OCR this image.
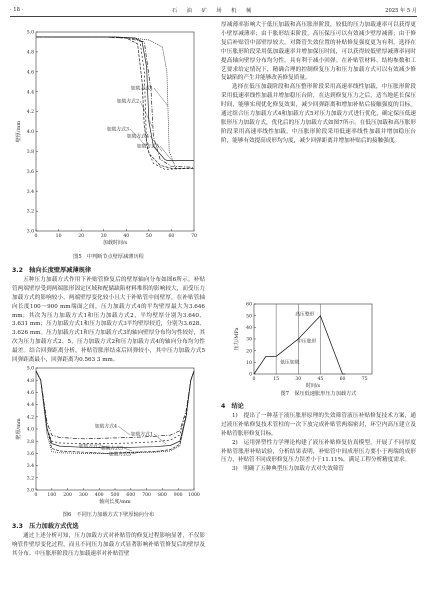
· 18 ·	石 油 矿 场 机 械	2025 年 5 月
0	10	20	30	40	50	60	70
3.0
3.2
3.4
3.6
3.8
4.0
4.2
4.4
4.6
4.8
5.0
加载时间/s
壁厚/mm
加载方式1
加载方式2
加载方式3
加载方式4
加载方式5
图5　中判断节点壁厚减薄历程

3.2　轴向长度壁厚减薄规律

五种压力加载方式作用下补贴管修复后的壁厚轴向分布如图6所示。补贴管两端壁厚受到两端胀形固定区域和配储缺陷材料堆积的影响较大，而受压力加载方式的影响较小，两端壁厚变化较小且大于补贴管中间壁厚，在补贴管轴向长度100～900 mm端面之间，压力加载方式4的平均壁厚最大为3.646 mm；其次为压力加载方式1和压力加载方式2，平均壁厚分别为3.640、3.631 mm；压力加载方式1和压力加载方式3平均壁厚较近，分别为3.628、3.626 mm。压力加载方式1和压力加载方式3的轴向壁厚分布均匀性较好，其次为压力加载方式2、5，压力加载方式2和压力加载方式4的轴向分布均匀性最差。结合回弹距离分析，补贴管胀形结束后回弹较小，其中压力加载方式5回弹距离最小，回弹距离为0.563 3 mm。

0 100 200 300 400 500 600 700 800 900 1000
3.0
3.2
3.4
3.6
3.8
4.0
4.2
4.4
4.6
4.8
5.0
轴向长度/mm
壁厚/mm	加载方式1
加载方式2 加载方式3
加载方式4
加载方式5
图6　不同压力加载方式下壁厚轴向分布

3.3　压力加载方式优选

通过上述分析可知，压力加载方式对补贴管的修复过程影响显著，不仅影响管件壁厚变化过程，而且不同压力加载方式显著影响补贴管修复后的壁厚及其分布。中压胀形阶段压力加载速率对补贴管壁

厚减薄率影响大于低压加载和高压胀形阶段，较低的压力加载速率可以获得更小壁厚减薄率；由于胀形结束阶段，高压保压可以有效减少壁厚减薄；由于修复后补贴管中部壁厚较大，对降管失效位置的补贴修复强度更为有利，选择在中压胀形阶段采用低加载速率并增加保压时间，可以获得较低壁厚减薄率同时提高轴向壁厚分布均匀性，具有利于减小回弹。在补贴管材料、结构参数和工艺要求给定情况下，精确合理的控制修复压力和压力加载方式可以有效减少修复缺陷的产生并能够改善修复质量。

选择在低压加载阶段和高压整形阶段采用高速率线性加载，中压胀形阶段采用低速率线性加载并增加稳压台阶，在达到修复压力之后，适当地延长保压时间，能够实现优化修复效果，减少回弹距离和增加补贴后接触强度的目标。通过组合压力加载方式4和加载方式5对压力加载方式进行优化，确定保压低速胀形压力加载方式，优化后的压力加载方式如图7所示。在低压加载和高压胀形阶段采用高速率线性加载，中压胀形阶段采用低速率线性加载并增加稳压台阶，能够有效提高成形均匀度，减少回弹距离并增加补贴后的接触强度。

0	15	30	45	60	75
0
10
20
30
40
50
60
时间/s
压力/MPa
高压整形
中压胀形
低压加载
图7　保压低速胀形压力加载方式

4　结论

1)　提出了一种基于液压胀形原理的失效筛管液压补贴修复技术方案，通过液压补贴修复技术管柱的一次下放完成补贴管两端密封，环空内高压建立及补贴管胀形修复目标。

2)　运用弹塑性力学理论构建了液压补贴修复仿真模型，开展了不同厚度补贴管胀形补贴试验，分析结果表明，补贴管中间成形压力要小于两端的成形压力，补贴管不同成形修复压力误差小于11.11%，满足工程分析精度需求。

3)　明确了五种典型压力加载方式对失效筛管
